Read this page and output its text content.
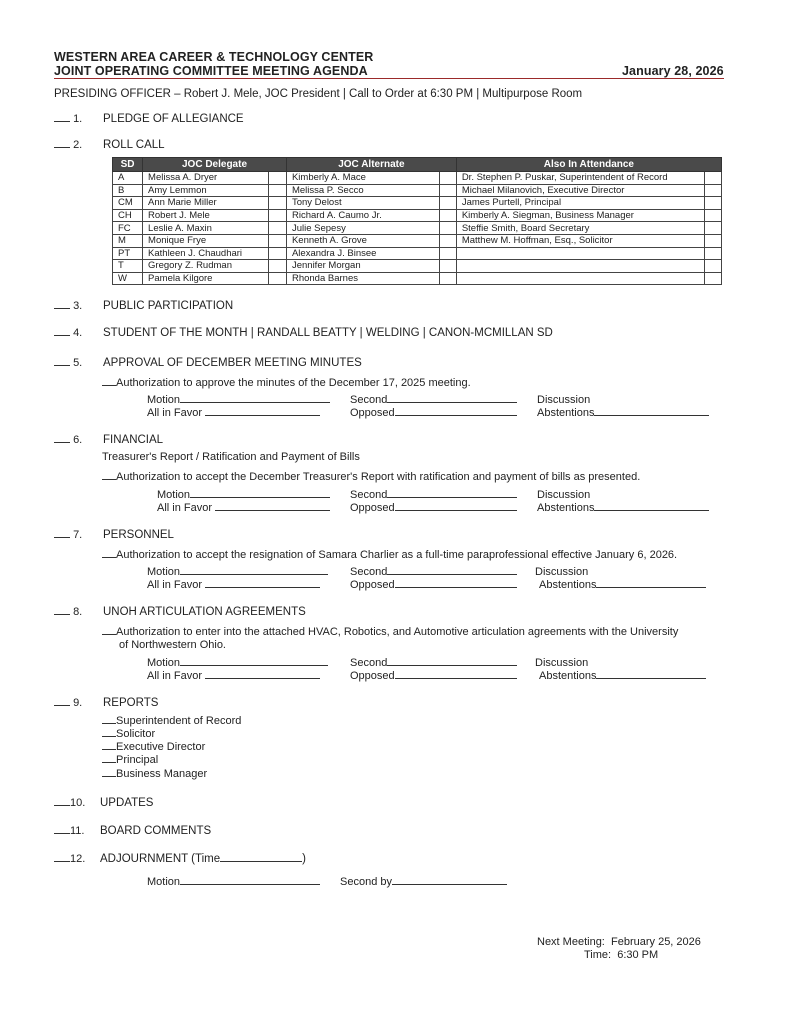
WESTERN AREA CAREER & TECHNOLOGY CENTER
JOINT OPERATING COMMITTEE MEETING AGENDA	January 28, 2026
PRESIDING OFFICER – Robert J. Mele, JOC President | Call to Order at 6:30 PM | Multipurpose Room
1. PLEDGE OF ALLEGIANCE
2. ROLL CALL
SD	JOC Delegate		JOC Alternate		Also In Attendance	
A	Melissa A. Dryer		Kimberly A. Mace		Dr. Stephen P. Puskar, Superintendent of Record	
B	Amy Lemmon		Melissa P. Secco		Michael Milanovich, Executive Director	
CM	Ann Marie Miller		Tony Delost		James Purtell, Principal	
CH	Robert J. Mele		Richard A. Caumo Jr.		Kimberly A. Siegman, Business Manager	
FC	Leslie A. Maxin		Julie Sepesy		Steffie Smith, Board Secretary	
M	Monique Frye		Kenneth A. Grove		Matthew M. Hoffman, Esq., Solicitor	
PT	Kathleen J. Chaudhari		Alexandra J. Binsee			
T	Gregory Z. Rudman		Jennifer Morgan			
W	Pamela Kilgore		Rhonda Barnes			
3. PUBLIC PARTICIPATION
4. STUDENT OF THE MONTH | RANDALL BEATTY | WELDING | CANON-MCMILLAN SD
5. APPROVAL OF DECEMBER MEETING MINUTES
Authorization to approve the minutes of the December 17, 2025 meeting.
Motion	Second	Discussion
All in Favor	Opposed	Abstentions
6. FINANCIAL
Treasurer's Report / Ratification and Payment of Bills
Authorization to accept the December Treasurer's Report with ratification and payment of bills as presented.
Motion	Second	Discussion
All in Favor	Opposed	Abstentions
7. PERSONNEL
Authorization to accept the resignation of Samara Charlier as a full-time paraprofessional effective January 6, 2026.
Motion	Second	Discussion
All in Favor	Opposed	Abstentions
8. UNOH ARTICULATION AGREEMENTS
Authorization to enter into the attached HVAC, Robotics, and Automotive articulation agreements with the University
of Northwestern Ohio.
Motion	Second	Discussion
All in Favor	Opposed	Abstentions
9. REPORTS
Superintendent of Record
Solicitor
Executive Director
Principal
Business Manager
10. UPDATES
11. BOARD COMMENTS
12. ADJOURNMENT (Time	)
Motion	Second by
Next Meeting: February 25, 2026
Time: 6:30 PM
